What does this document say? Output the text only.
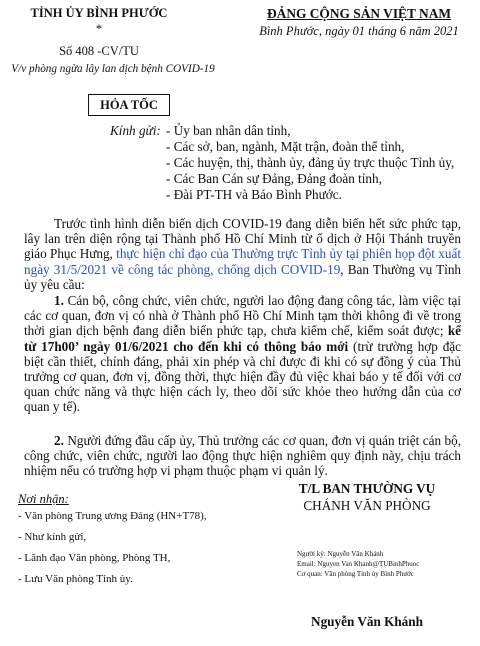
TỈNH ỦY BÌNH PHƯỚC
*
Số 408 -CV/TU
V/v phòng ngừa lây lan dịch bệnh COVID-19
ĐẢNG CỘNG SẢN VIỆT NAM
Bình Phước, ngày 01 tháng 6 năm 2021
HỎA TỐC
Kính gửi: - Ủy ban nhân dân tỉnh,
- Các sở, ban, ngành, Mặt trận, đoàn thể tỉnh,
- Các huyện, thị, thành ủy, đảng ủy trực thuộc Tỉnh ủy,
- Các Ban Cán sự Đảng, Đảng đoàn tỉnh,
- Đài PT-TH và Báo Bình Phước.
Trước tình hình diễn biến dịch COVID-19 đang diễn biến hết sức phức tạp, lây lan trên diện rộng tại Thành phố Hồ Chí Minh từ ổ dịch ở Hội Thánh truyền giáo Phục Hưng, thực hiện chỉ đạo của Thường trực Tỉnh ủy tại phiên họp đột xuất ngày 31/5/2021 về công tác phòng, chống dịch COVID-19, Ban Thường vụ Tỉnh ủy yêu cầu:
1. Cán bộ, công chức, viên chức, người lao động đang công tác, làm việc tại các cơ quan, đơn vị có nhà ở Thành phố Hồ Chí Minh tạm thời không đi về trong thời gian dịch bệnh đang diễn biến phức tạp, chưa kiểm chế, kiểm soát được; kể từ 17h00’ ngày 01/6/2021 cho đến khi có thông báo mới (trừ trường hợp đặc biệt cần thiết, chính đáng, phải xin phép và chỉ được đi khi có sự đồng ý của Thủ trưởng cơ quan, đơn vị, đồng thời, thực hiện đầy đủ việc khai báo y tế đối với cơ quan chức năng và thực hiện cách ly, theo dõi sức khỏe theo hướng dẫn của cơ quan y tế).
2. Người đứng đầu cấp ủy, Thủ trưởng các cơ quan, đơn vị quán triệt cán bộ, công chức, viên chức, người lao động thực hiện nghiêm quy định này, chịu trách nhiệm nếu có trường hợp vi phạm thuộc phạm vi quản lý.
Nơi nhận:
- Văn phòng Trung ương Đảng (HN+T78),
- Như kính gửi,
- Lãnh đạo Văn phòng, Phòng TH,
- Lưu Văn phòng Tỉnh ủy.
T/L BAN THƯỜNG VỤ
CHÁNH VĂN PHÒNG
Người ký: Nguyễn Văn Khánh
Email: Nguyen Van Khanh@TUBinhPhuoc
Cơ quan: Văn phòng Tỉnh ủy Bình Phước
Nguyễn Văn Khánh
